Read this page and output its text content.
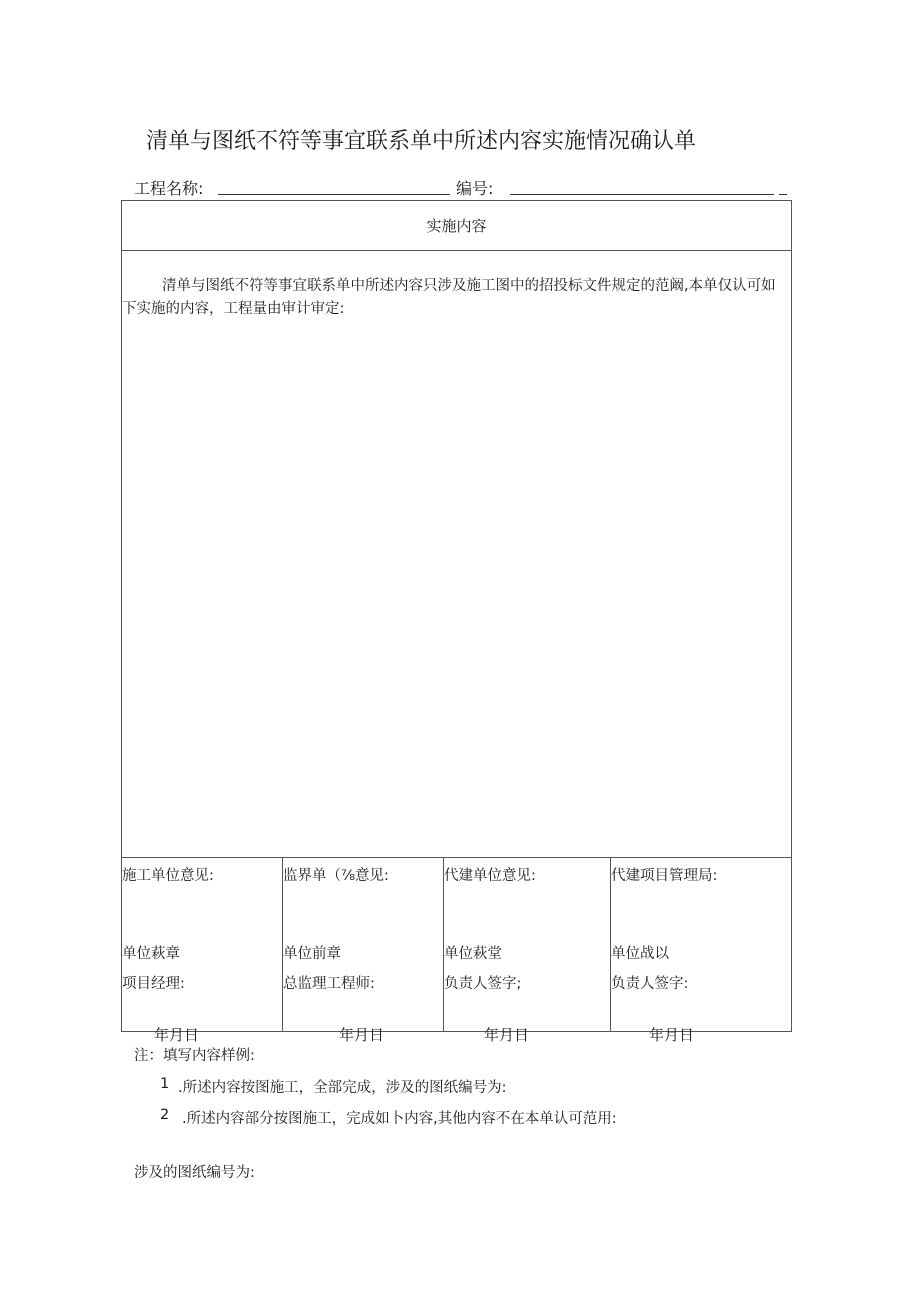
清单与图纸不符等事宜联系单中所述内容实施情况确认单
工程名称:	编号:
实施内容
清单与图纸不符等事宜联系单中所述内容只涉及施工图中的招投标文件规定的范阚,本单仅认可如下实施的内容，工程量由审计审定:
施工单位意见:
单位萩章
项目经理:
年月日
监界单（⅞意见:
单位前章
总监理工程师:
年月日
代建单位意见:
单位萩堂
负责人签字;
年月日
代建项目管理局:
单位战以
负责人签字:
年月日
注：填写内容样例:
1 .所述内容按图施工，全部完成，涉及的图纸编号为:
2 .所述内容部分按图施工，完成如卜内容,其他内容不在本单认可范用:
涉及的图纸编号为:
